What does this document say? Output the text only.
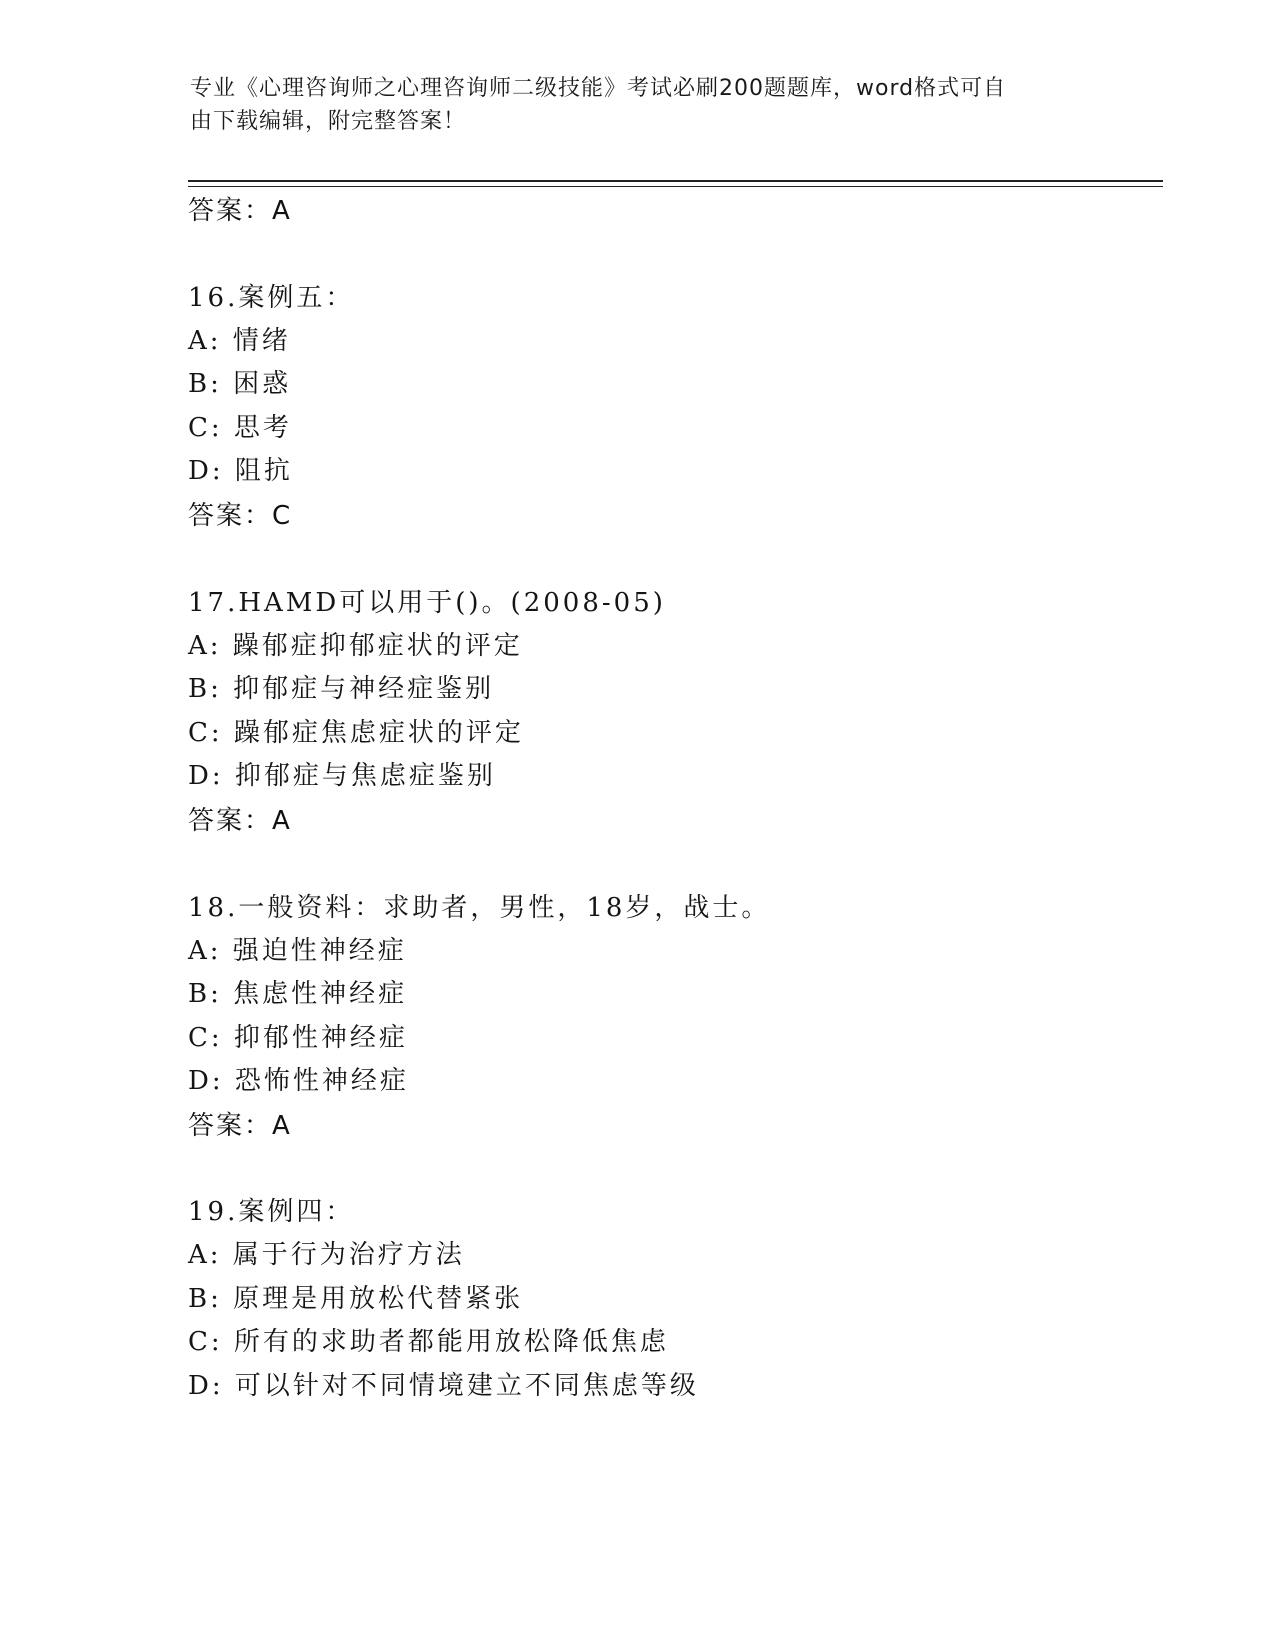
专业《心理咨询师之心理咨询师二级技能》考试必刷200题题库，word格式可自
由下载编辑，附完整答案！
答案：A
16.案例五：
A: 情绪
B: 困惑
C: 思考
D: 阻抗
答案：C
17.HAMD可以用于()。(2008-05)
A: 躁郁症抑郁症状的评定
B: 抑郁症与神经症鉴别
C: 躁郁症焦虑症状的评定
D: 抑郁症与焦虑症鉴别
答案：A
18.一般资料：求助者，男性，18岁，战士。
A: 强迫性神经症
B: 焦虑性神经症
C: 抑郁性神经症
D: 恐怖性神经症
答案：A
19.案例四：
A: 属于行为治疗方法
B: 原理是用放松代替紧张
C: 所有的求助者都能用放松降低焦虑
D: 可以针对不同情境建立不同焦虑等级
